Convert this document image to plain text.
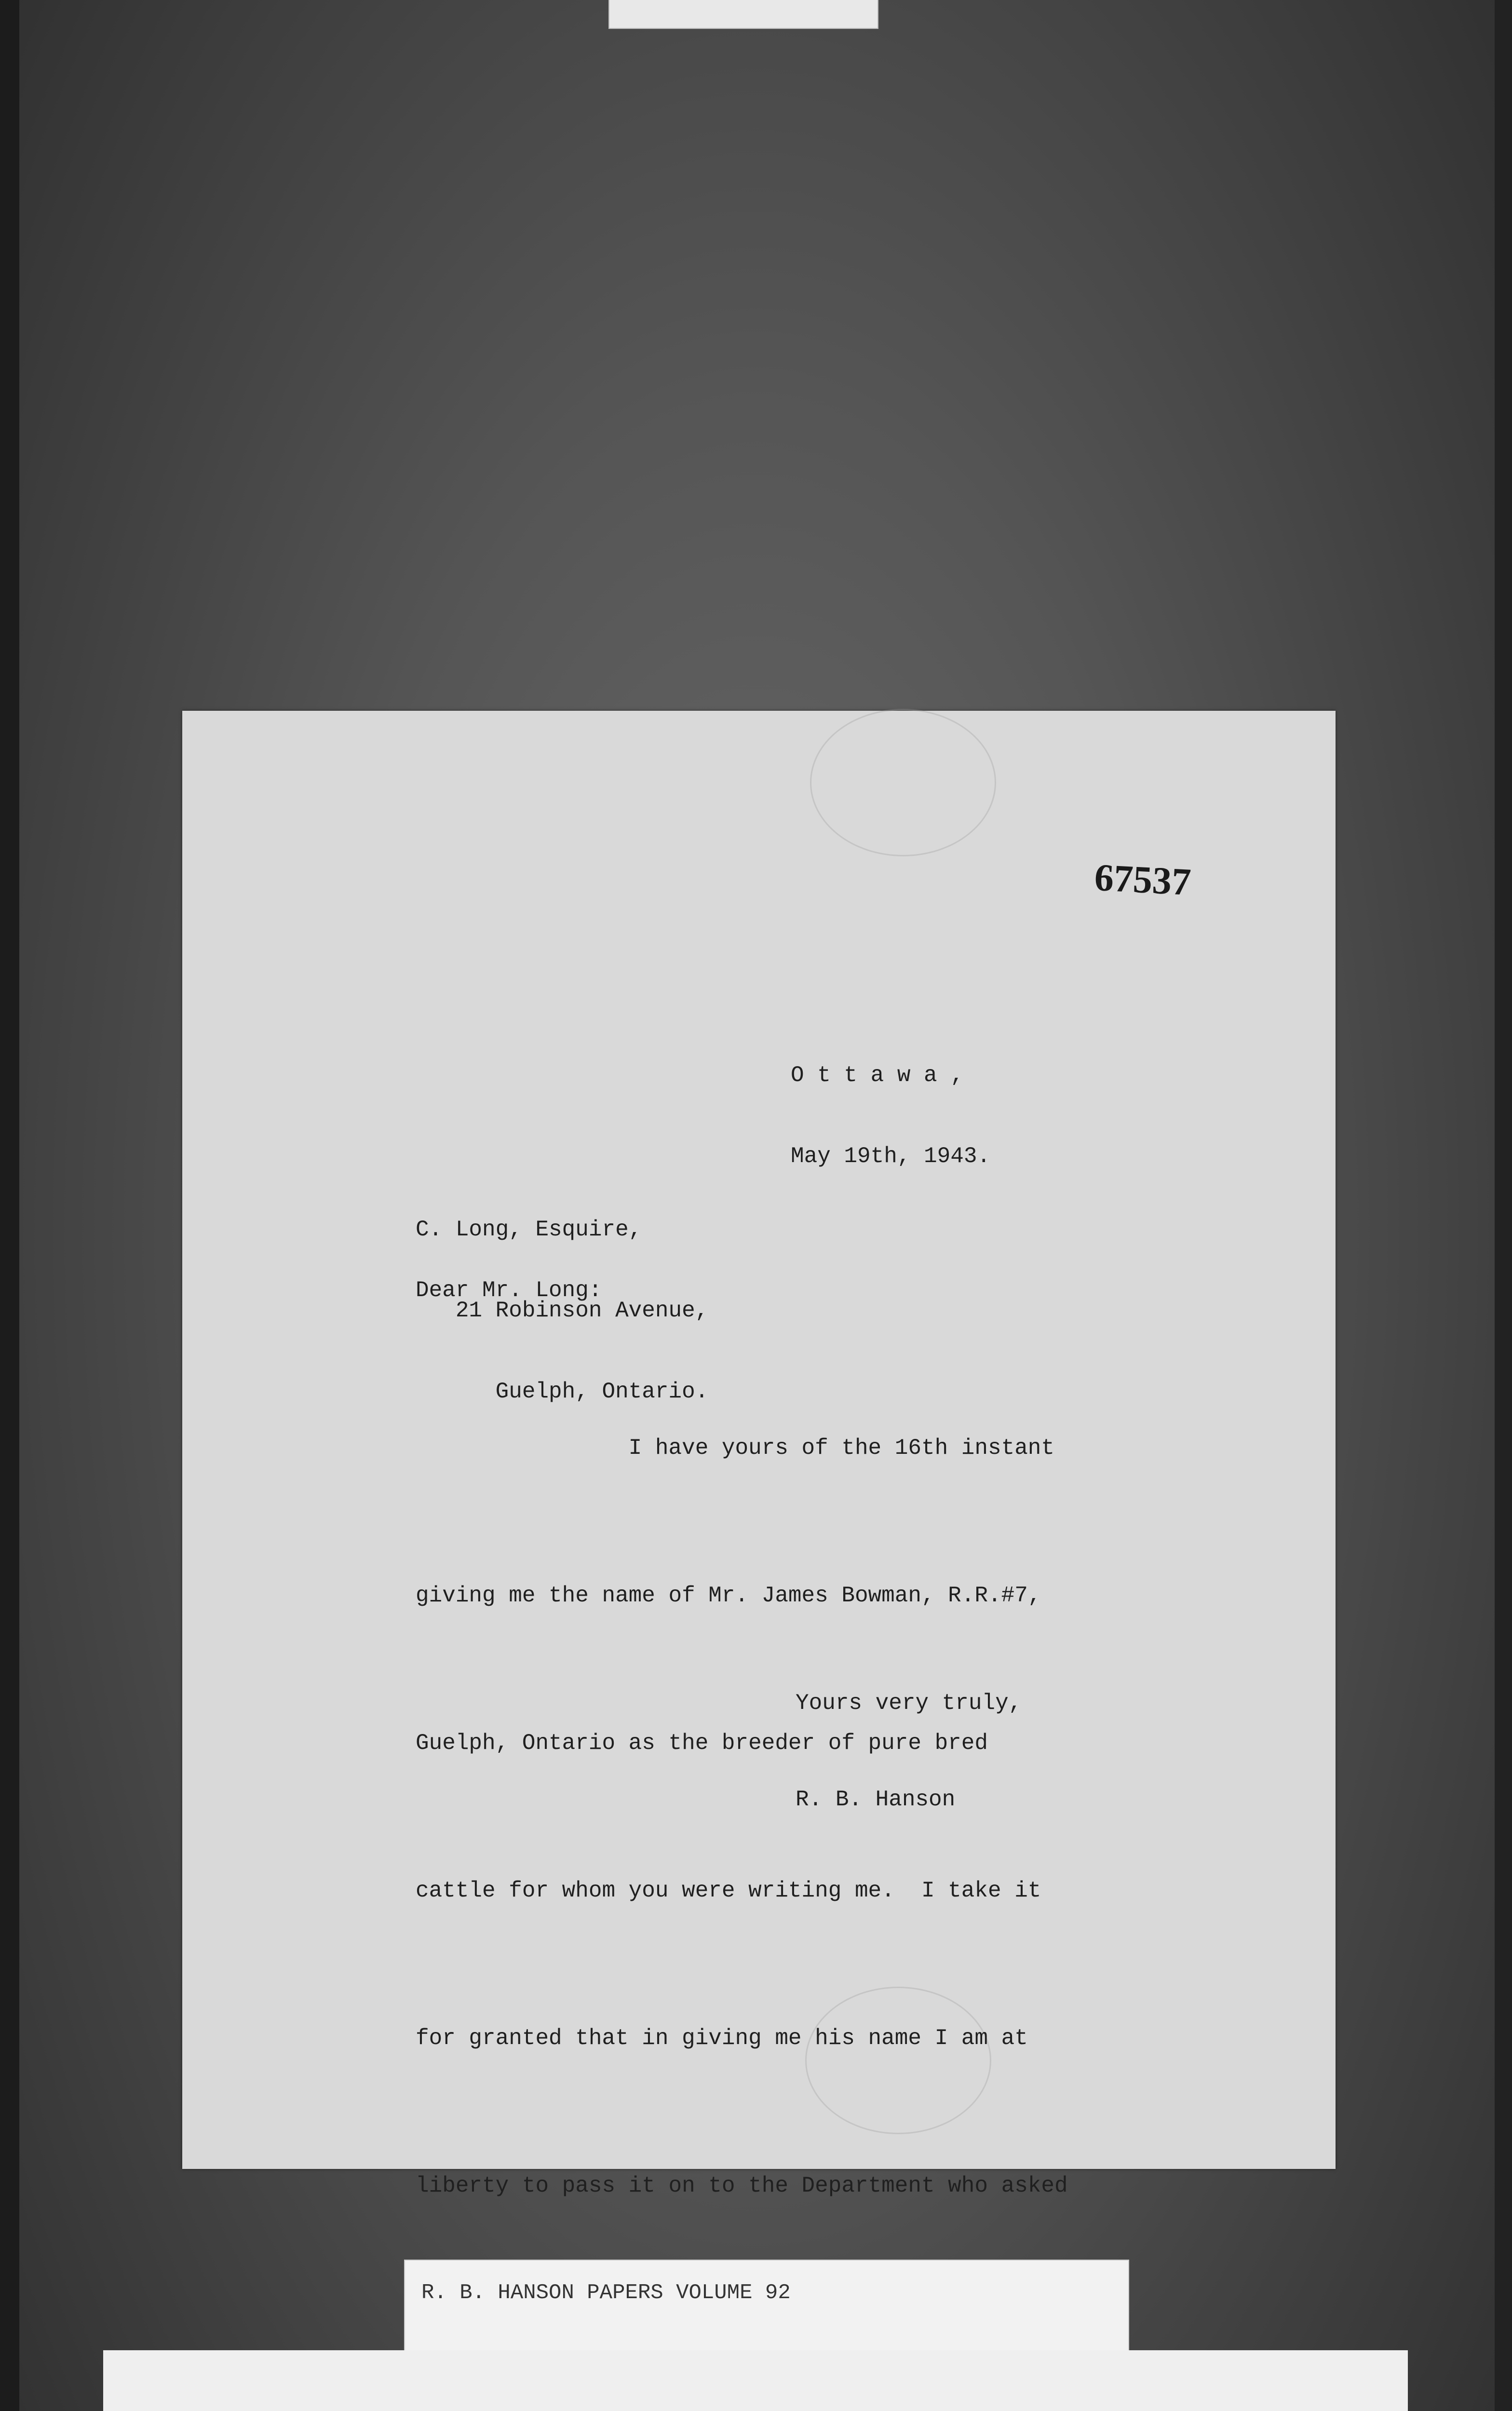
67537

O t t a w a ,

May 19th, 1943.

C. Long, Esquire,

21 Robinson Avenue,

Guelph, Ontario.

Dear Mr. Long:

I have yours of the 16th instant

giving me the name of Mr. James Bowman, R.R.#7,

Guelph, Ontario as the breeder of pure bred

cattle for whom you were writing me.  I take it

for granted that in giving me his name I am at

liberty to pass it on to the Department who asked

Yours very truly,
R. B. Hanson
R. B. HANSON PAPERS VOLUME 92
